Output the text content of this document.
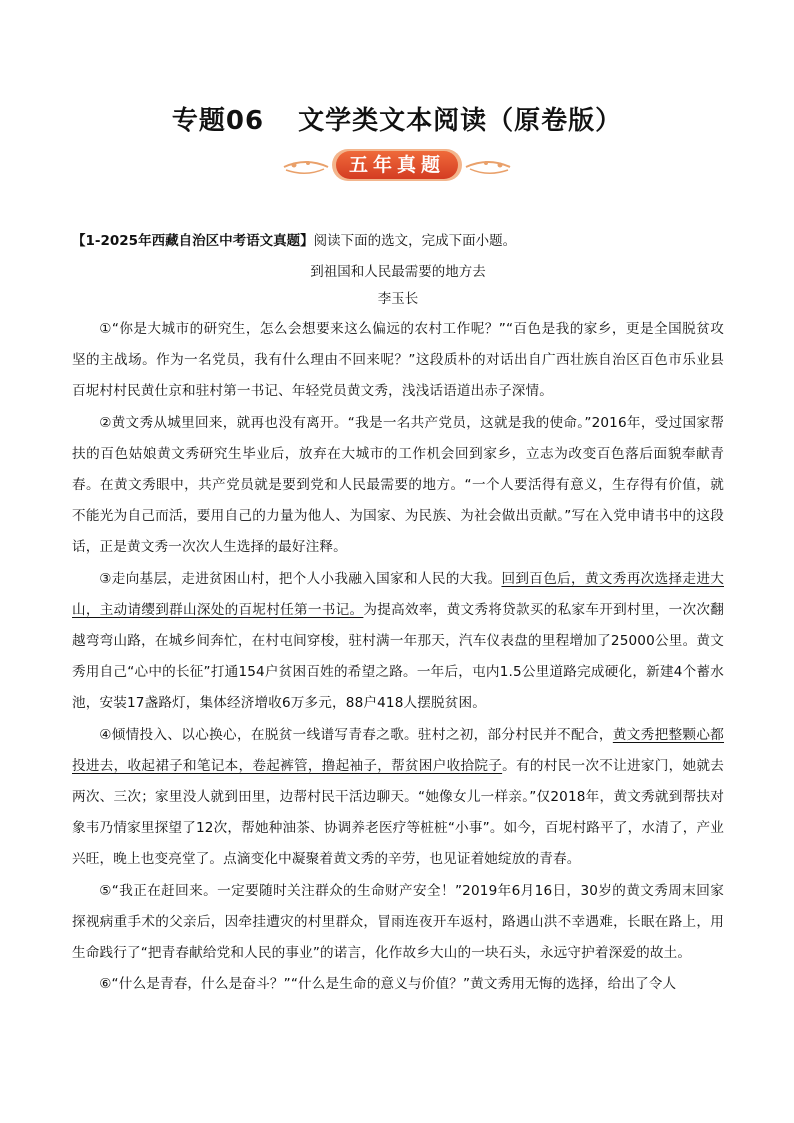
专题06 文学类文本阅读（原卷版）
五年真题

【1-2025年西藏自治区中考语文真题】阅读下面的选文，完成下面小题。

到祖国和人民最需要的地方去
李玉长

①“你是大城市的研究生，怎么会想要来这么偏远的农村工作呢？”“百色是我的家乡，更是全国脱贫攻坚的主战场。作为一名党员，我有什么理由不回来呢？”这段质朴的对话出自广西壮族自治区百色市乐业县百坭村村民黄仕京和驻村第一书记、年轻党员黄文秀，浅浅话语道出赤子深情。

②黄文秀从城里回来，就再也没有离开。“我是一名共产党员，这就是我的使命。”2016年，受过国家帮扶的百色姑娘黄文秀研究生毕业后，放弃在大城市的工作机会回到家乡，立志为改变百色落后面貌奉献青春。在黄文秀眼中，共产党员就是要到党和人民最需要的地方。“一个人要活得有意义，生存得有价值，就不能光为自己而活，要用自己的力量为他人、为国家、为民族、为社会做出贡献。”写在入党申请书中的这段话，正是黄文秀一次次人生选择的最好注释。

③走向基层，走进贫困山村，把个人小我融入国家和人民的大我。回到百色后，黄文秀再次选择走进大山，主动请缨到群山深处的百坭村任第一书记。为提高效率，黄文秀将贷款买的私家车开到村里，一次次翻越弯弯山路，在城乡间奔忙，在村屯间穿梭，驻村满一年那天，汽车仪表盘的里程增加了25000公里。黄文秀用自己“心中的长征”打通154户贫困百姓的希望之路。一年后，屯内1.5公里道路完成硬化，新建4个蓄水池，安装17盏路灯，集体经济增收6万多元，88户418人摆脱贫困。

④倾情投入、以心换心，在脱贫一线谱写青春之歌。驻村之初，部分村民并不配合，黄文秀把整颗心都投进去，收起裙子和笔记本，卷起裤管，撸起袖子，帮贫困户收拾院子。有的村民一次不让进家门，她就去两次、三次；家里没人就到田里，边帮村民干活边聊天。“她像女儿一样亲。”仅2018年，黄文秀就到帮扶对象韦乃情家里探望了12次，帮她种油茶、协调养老医疗等桩桩“小事”。如今，百坭村路平了，水清了，产业兴旺，晚上也变亮堂了。点滴变化中凝聚着黄文秀的辛劳，也见证着她绽放的青春。

⑤“我正在赶回来。一定要随时关注群众的生命财产安全！”2019年6月16日，30岁的黄文秀周末回家探视病重手术的父亲后，因牵挂遭灾的村里群众，冒雨连夜开车返村，路遇山洪不幸遇难，长眠在路上，用生命践行了“把青春献给党和人民的事业”的诺言，化作故乡大山的一块石头，永远守护着深爱的故土。

⑥“什么是青春，什么是奋斗？”“什么是生命的意义与价值？”黄文秀用无悔的选择，给出了令人
